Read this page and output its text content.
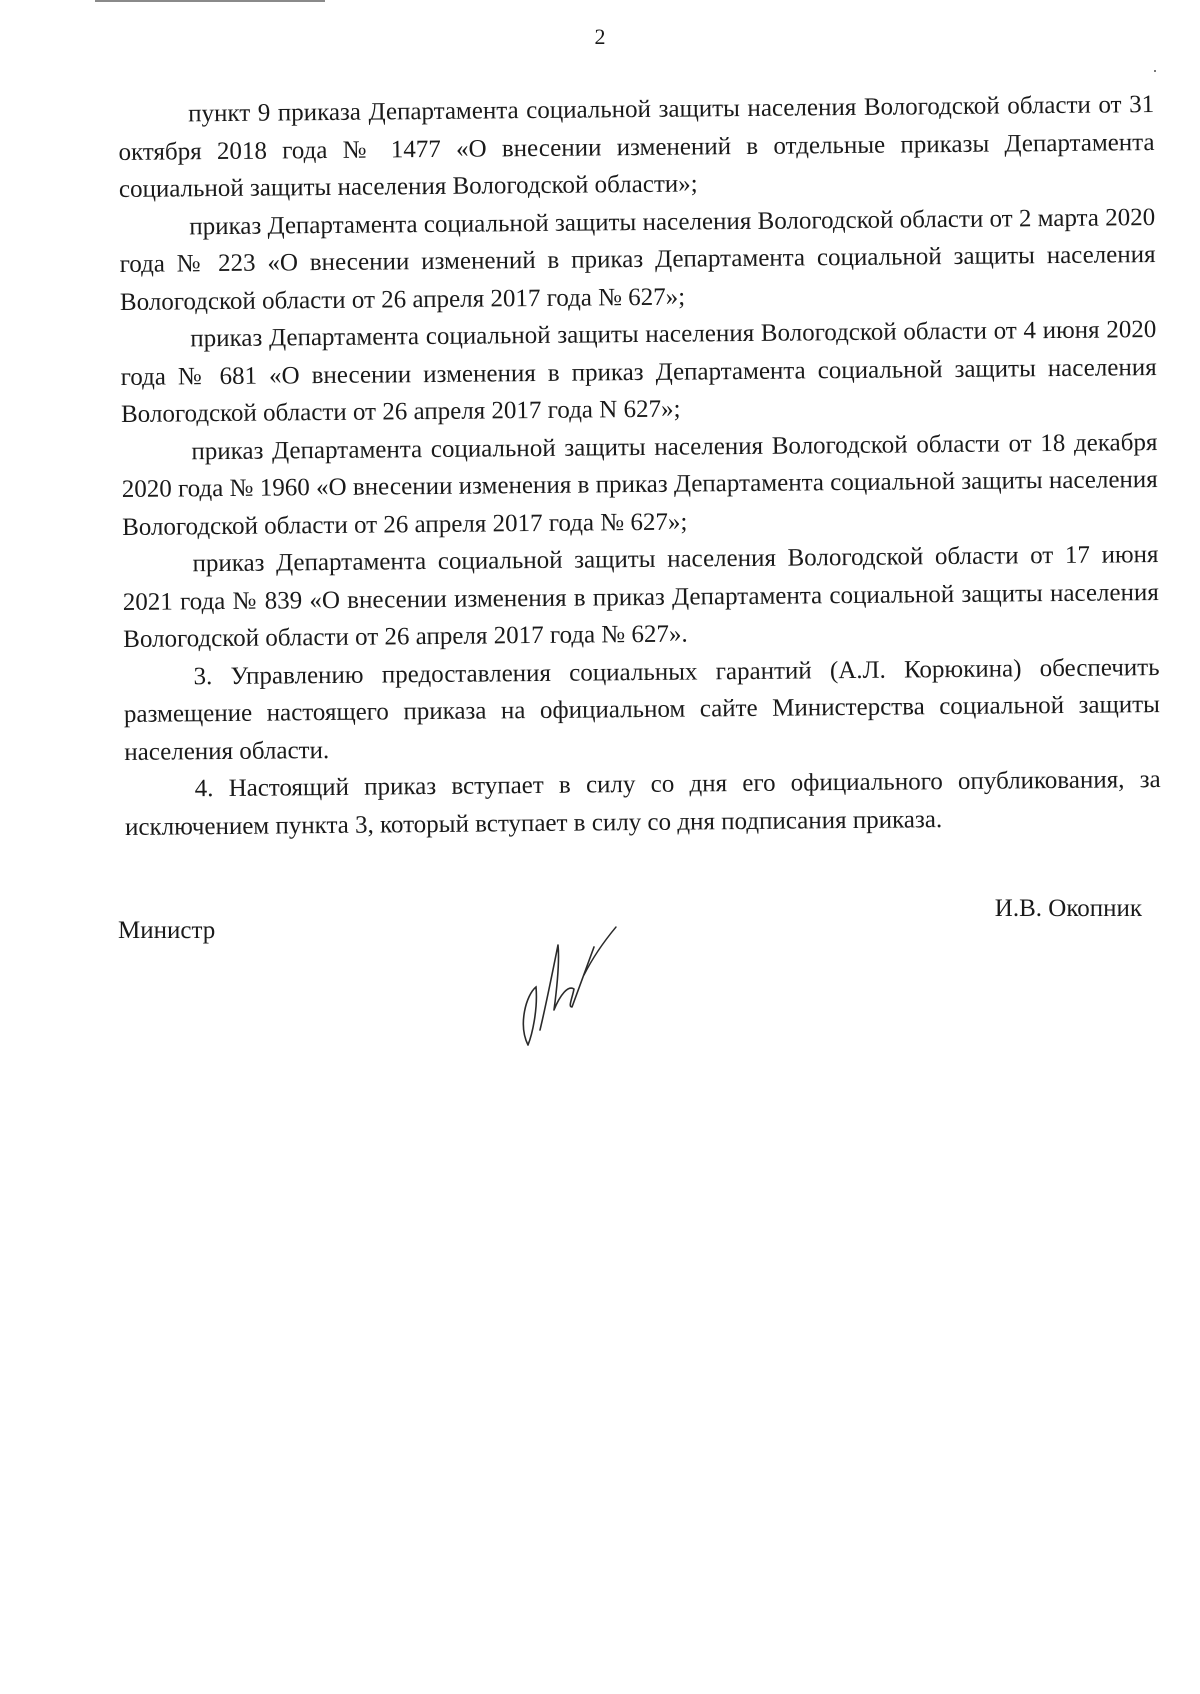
2

пункт 9 приказа Департамента социальной защиты населения Вологодской области от 31 октября 2018 года № 1477 «О внесении изменений в отдельные приказы Департамента социальной защиты населения Вологодской области»;

приказ Департамента социальной защиты населения Вологодской области от 2 марта 2020 года № 223 «О внесении изменений в приказ Департамента социальной защиты населения Вологодской области от 26 апреля 2017 года № 627»;

приказ Департамента социальной защиты населения Вологодской области от 4 июня 2020 года № 681 «О внесении изменения в приказ Департамента социальной защиты населения Вологодской области от 26 апреля 2017 года N 627»;

приказ Департамента социальной защиты населения Вологодской области от 18 декабря 2020 года № 1960 «О внесении изменения в приказ Департамента социальной защиты населения Вологодской области от 26 апреля 2017 года № 627»;

приказ Департамента социальной защиты населения Вологодской области от 17 июня 2021 года № 839 «О внесении изменения в приказ Департамента социальной защиты населения Вологодской области от 26 апреля 2017 года № 627».

3. Управлению предоставления социальных гарантий (А.Л. Корюкина) обеспечить размещение настоящего приказа на официальном сайте Министерства социальной защиты населения области.

4. Настоящий приказ вступает в силу со дня его официального опубликования, за исключением пункта 3, который вступает в силу со дня подписания приказа.

Министр
И.В. Окопник
